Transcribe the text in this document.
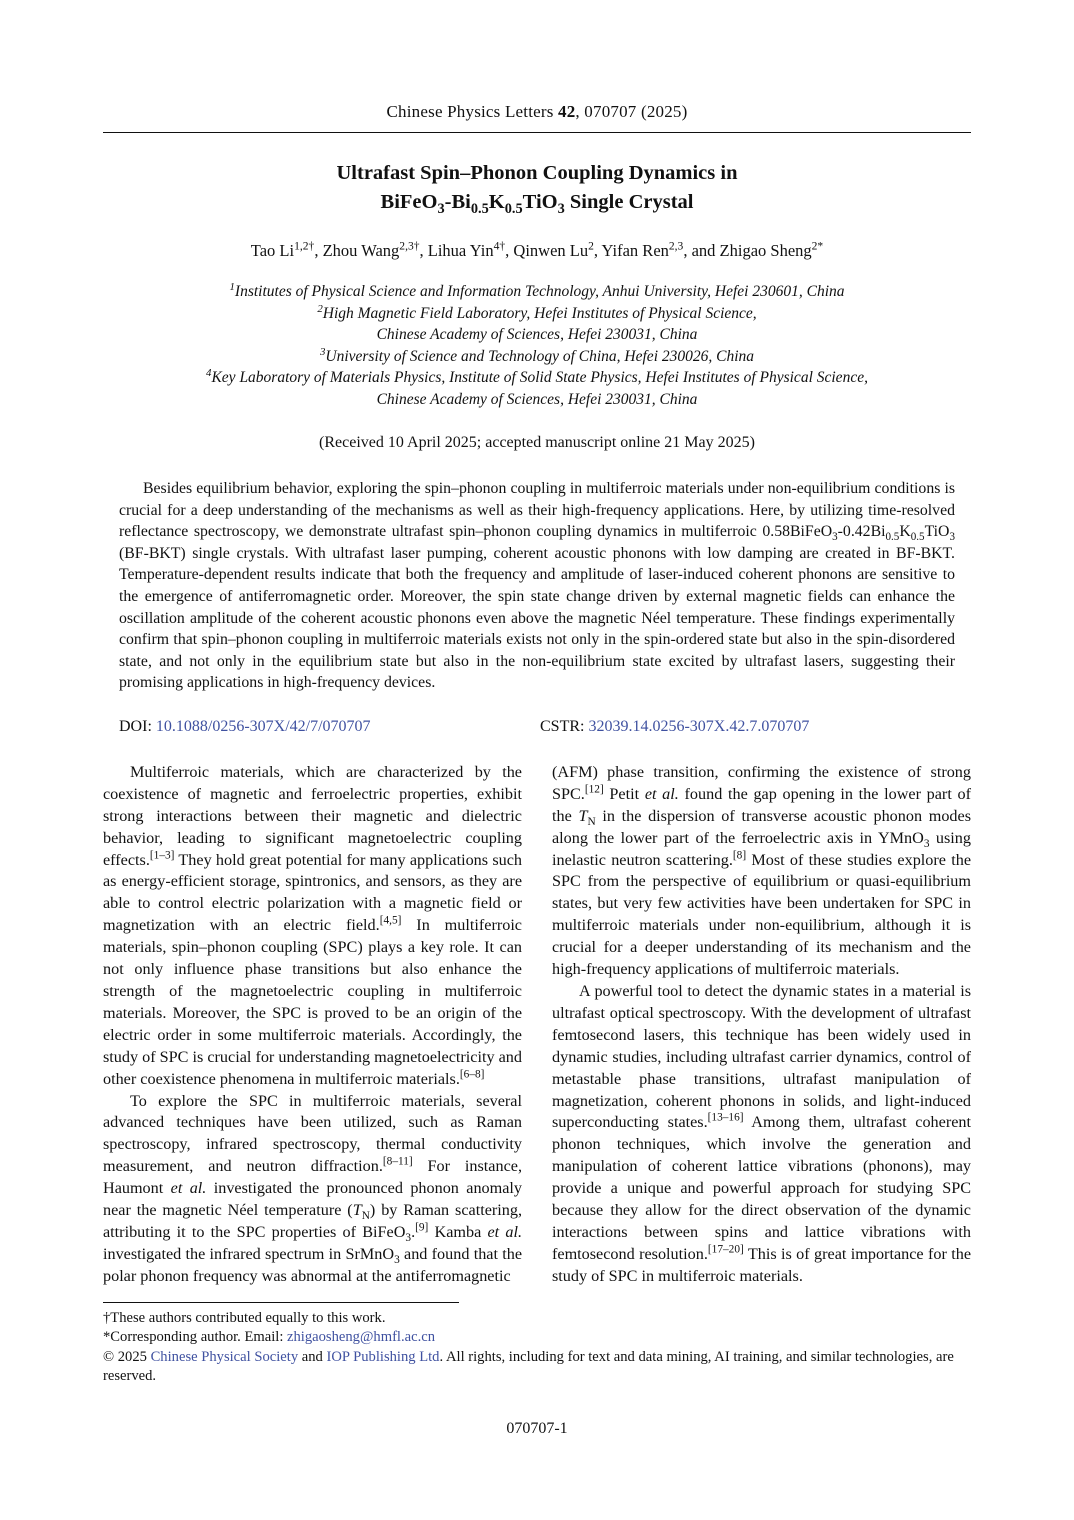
Chinese Physics Letters 42, 070707 (2025)
Ultrafast Spin–Phonon Coupling Dynamics in
$BiFeO_3-Bi_{0.5}K_{0.5}TiO_3$ Single Crystal
Tao $Li^{1,2\dagger}$, Zhou Wang$^{2,3\dagger}$, Lihua Yin$^{4\dagger}$, Qinwen Lu$^2$, Yifan Ren$^{2,3}$, and Zhigao Sheng$^{2*}$
$^1$Institutes of Physical Science and Information Technology, Anhui University, Hefei 230601, China
$^2$High Magnetic Field Laboratory, Hefei Institutes of Physical Science,
Chinese Academy of Sciences, Hefei 230031, China
$^3$University of Science and Technology of China, Hefei 230026, China
$^4$Key Laboratory of Materials Physics, Institute of Solid State Physics, Hefei Institutes of Physical Science,
Chinese Academy of Sciences, Hefei 230031, China
(Received 10 April 2025; accepted manuscript online 21 May 2025)
Besides equilibrium behavior, exploring the spin–phonon coupling in multiferroic materials under non-equilibrium conditions is crucial for a deep understanding of the mechanisms as well as their high-frequency applications. Here, by utilizing time-resolved reflectance spectroscopy, we demonstrate ultrafast spin–phonon coupling dynamics in multiferroic $0.58BiFeO_3-0.42Bi_{0.5}K_{0.5}TiO_3$ (BF-BKT) single crystals. With ultrafast laser pumping, coherent acoustic phonons with low damping are created in BF-BKT. Temperature-dependent results indicate that both the frequency and amplitude of laser-induced coherent phonons are sensitive to the emergence of antiferromagnetic order. Moreover, the spin state change driven by external magnetic fields can enhance the oscillation amplitude of the coherent acoustic phonons even above the magnetic Néel temperature. These findings experimentally confirm that spin–phonon coupling in multiferroic materials exists not only in the spin-ordered state but also in the spin-disordered state, and not only in the equilibrium state but also in the non-equilibrium state excited by ultrafast lasers, suggesting their promising applications in high-frequency devices.
DOI: 10.1088/0256-307X/42/7/070707	CSTR: 32039.14.0256-307X.42.7.070707

Multiferroic materials, which are characterized by the coexistence of magnetic and ferroelectric properties, exhibit strong interactions between their magnetic and dielectric behavior, leading to significant magnetoelectric coupling effects.[1–3] They hold great potential for many applications such as energy-efficient storage, spintronics, and sensors, as they are able to control electric polarization with a magnetic field or magnetization with an electric field.[4,5] In multiferroic materials, spin–phonon coupling (SPC) plays a key role. It can not only influence phase transitions but also enhance the strength of the magnetoelectric coupling in multiferroic materials. Moreover, the SPC is proved to be an origin of the electric order in some multiferroic materials. Accordingly, the study of SPC is crucial for understanding magnetoelectricity and other coexistence phenomena in multiferroic materials.[6–8]

To explore the SPC in multiferroic materials, several advanced techniques have been utilized, such as Raman spectroscopy, infrared spectroscopy, thermal conductivity measurement, and neutron diffraction.[8–11] For instance, Haumont et al. investigated the pronounced phonon anomaly near the magnetic Néel temperature $(T_N)$ by Raman scattering, attributing it to the SPC properties of BiFeO$_3$.[9] Kamba et al. investigated the infrared spectrum in SrMnO$_3$ and found that the polar phonon frequency was abnormal at the antiferromagnetic

(AFM) phase transition, confirming the existence of strong SPC.[12] Petit et al. found the gap opening in the lower part of the $T_N$ in the dispersion of transverse acoustic phonon modes along the lower part of the ferroelectric axis in YMnO$_3$ using inelastic neutron scattering.[8] Most of these studies explore the SPC from the perspective of equilibrium or quasi-equilibrium states, but very few activities have been undertaken for SPC in multiferroic materials under non-equilibrium, although it is crucial for a deeper understanding of its mechanism and the high-frequency applications of multiferroic materials.

A powerful tool to detect the dynamic states in a material is ultrafast optical spectroscopy. With the development of ultrafast femtosecond lasers, this technique has been widely used in dynamic studies, including ultrafast carrier dynamics, control of metastable phase transitions, ultrafast manipulation of magnetization, coherent phonons in solids, and light-induced superconducting states.[13–16] Among them, ultrafast coherent phonon techniques, which involve the generation and manipulation of coherent lattice vibrations (phonons), may provide a unique and powerful approach for studying SPC because they allow for the direct observation of the dynamic interactions between spins and lattice vibrations with femtosecond resolution.[17–20] This is of great importance for the study of SPC in multiferroic materials.

†These authors contributed equally to this work.
*Corresponding author. Email: zhigaosheng@hmfl.ac.cn
© 2025 Chinese Physical Society and IOP Publishing Ltd. All rights, including for text and data mining, AI training, and similar technologies, are reserved.
070707-1
